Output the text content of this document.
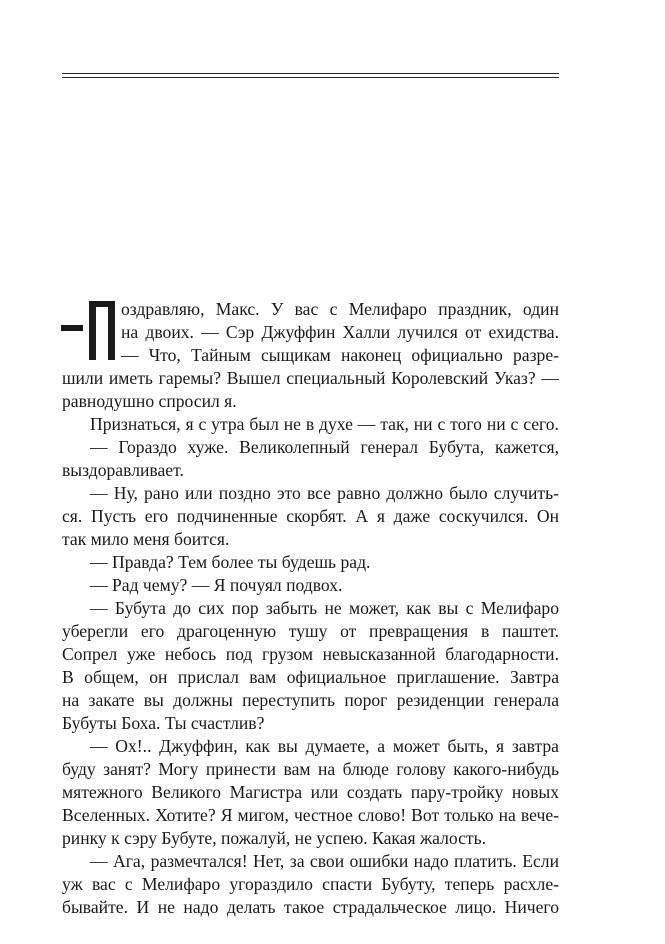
оздравляю, Макс. У вас с Мелифаро праздник, один
на двоих. — Сэр Джуффин Халли лучился от ехидства.
— Что, Тайным сыщикам наконец официально разре-
шили иметь гаремы? Вышел специальный Королевский Указ? —
равнодушно спросил я.
Признаться, я с утра был не в духе — так, ни с того ни с сего.
— Гораздо хуже. Великолепный генерал Бубута, кажется,
выздоравливает.
— Ну, рано или поздно это все равно должно было случить-
ся. Пусть его подчиненные скорбят. А я даже соскучился. Он
так мило меня боится.
— Правда? Тем более ты будешь рад.
— Рад чему? — Я почуял подвох.
— Бубута до сих пор забыть не может, как вы с Мелифаро
уберегли его драгоценную тушу от превращения в паштет.
Сопрел уже небось под грузом невысказанной благодарности.
В общем, он прислал вам официальное приглашение. Завтра
на закате вы должны переступить порог резиденции генерала
Бубуты Боха. Ты счастлив?
— Ох!.. Джуффин, как вы думаете, а может быть, я завтра
буду занят? Могу принести вам на блюде голову какого-нибудь
мятежного Великого Магистра или создать пару-тройку новых
Вселенных. Хотите? Я мигом, честное слово! Вот только на вече-
ринку к сэру Бубуте, пожалуй, не успею. Какая жалость.
— Ага, размечтался! Нет, за свои ошибки надо платить. Если
уж вас с Мелифаро угораздило спасти Бубуту, теперь расхле-
бывайте. И не надо делать такое страдальческое лицо. Ничего
